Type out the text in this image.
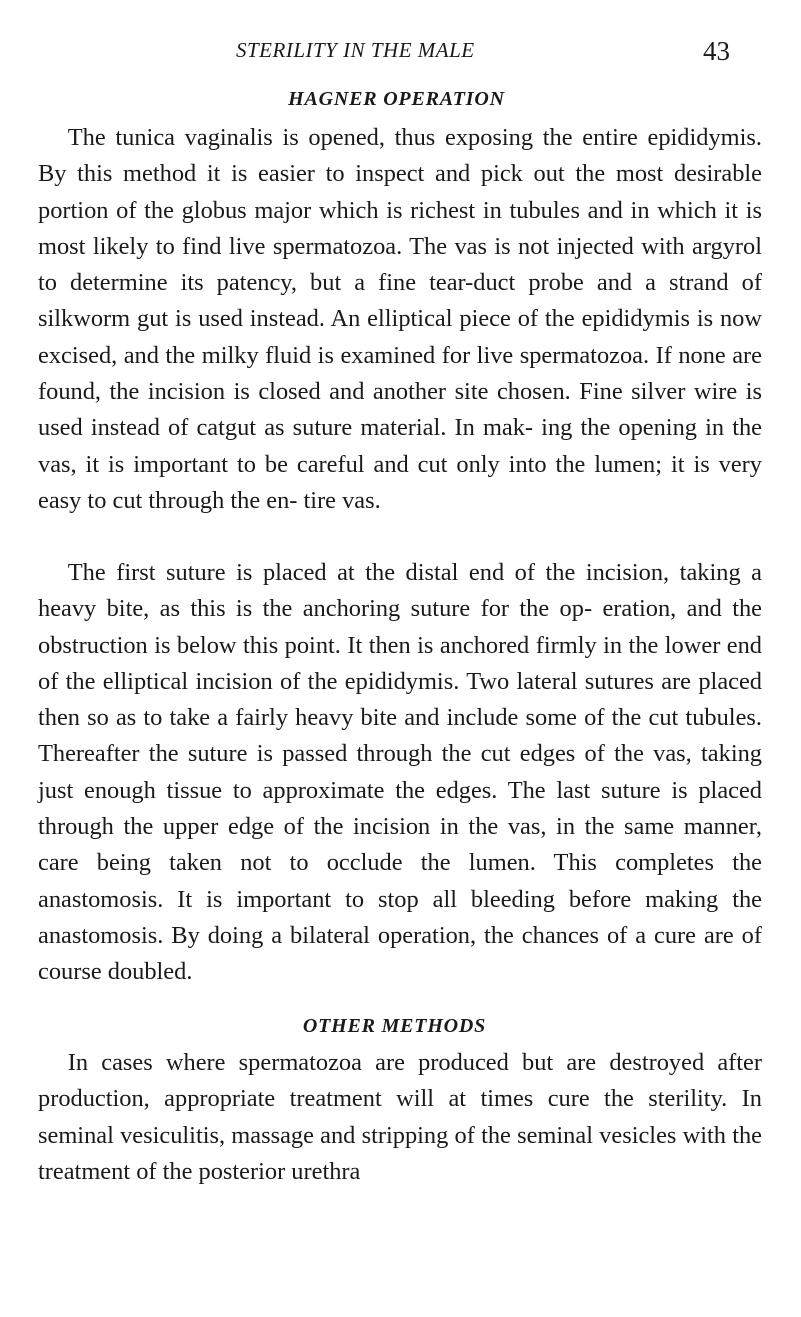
STERILITY IN THE MALE	43
HAGNER OPERATION

The tunica vaginalis is opened, thus exposing the entire epididymis. By this method it is easier to inspect and pick out the most desirable portion of the globus major which is richest in tubules and in which it is most likely to find live spermatozoa. The vas is not injected with argyrol to determine its patency, but a fine tear-duct probe and a strand of silkworm gut is used instead. An elliptical piece of the epididymis is now excised, and the milky fluid is examined for live spermatozoa. If none are found, the incision is closed and another site chosen. Fine silver wire is used instead of catgut as suture material. In mak- ing the opening in the vas, it is important to be careful and cut only into the lumen; it is very easy to cut through the en- tire vas.

The first suture is placed at the distal end of the incision, taking a heavy bite, as this is the anchoring suture for the op- eration, and the obstruction is below this point. It then is anchored firmly in the lower end of the elliptical incision of the epididymis. Two lateral sutures are placed then so as to take a fairly heavy bite and include some of the cut tubules. Thereafter the suture is passed through the cut edges of the vas, taking just enough tissue to approximate the edges. The last suture is placed through the upper edge of the incision in the vas, in the same manner, care being taken not to occlude the lumen. This completes the anastomosis. It is important to stop all bleeding before making the anastomosis. By doing a bilateral operation, the chances of a cure are of course doubled.

OTHER METHODS

In cases where spermatozoa are produced but are destroyed after production, appropriate treatment will at times cure the sterility. In seminal vesiculitis, massage and stripping of the seminal vesicles with the treatment of the posterior urethra
